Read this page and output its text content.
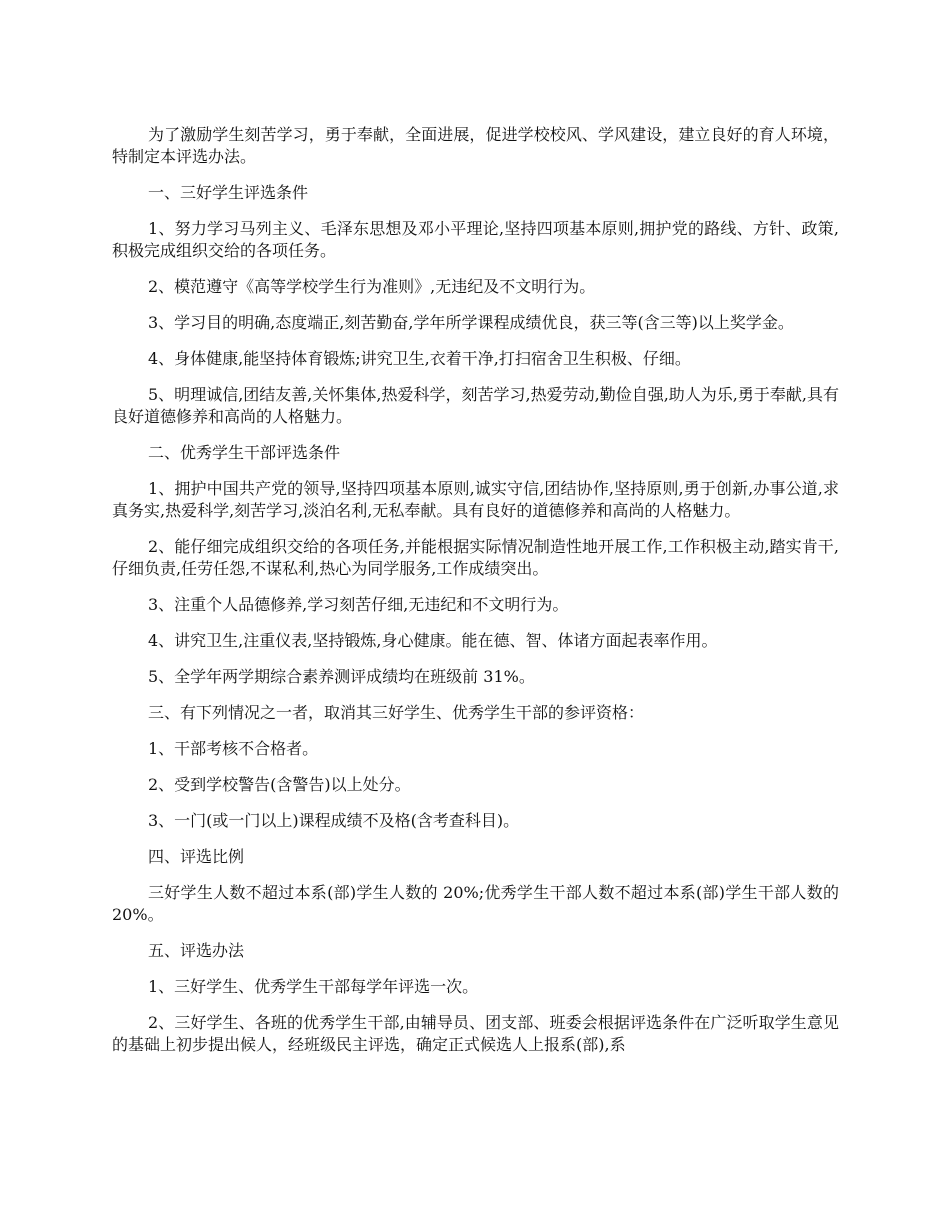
为了激励学生刻苦学习，勇于奉献，全面进展，促进学校校风、学风建设，建立良好的育人环境，特制定本评选办法。

一、三好学生评选条件

1、努力学习马列主义、毛泽东思想及邓小平理论,坚持四项基本原则,拥护党的路线、方针、政策,积极完成组织交给的各项任务。

2、模范遵守《高等学校学生行为准则》,无违纪及不文明行为。

3、学习目的明确,态度端正,刻苦勤奋,学年所学课程成绩优良，获三等(含三等)以上奖学金。

4、身体健康,能坚持体育锻炼;讲究卫生,衣着干净,打扫宿舍卫生积极、仔细。

5、明理诚信,团结友善,关怀集体,热爱科学，刻苦学习,热爱劳动,勤俭自强,助人为乐,勇于奉献,具有良好道德修养和高尚的人格魅力。

二、优秀学生干部评选条件

1、拥护中国共产党的领导,坚持四项基本原则,诚实守信,团结协作,坚持原则,勇于创新,办事公道,求真务实,热爱科学,刻苦学习,淡泊名利,无私奉献。具有良好的道德修养和高尚的人格魅力。

2、能仔细完成组织交给的各项任务,并能根据实际情况制造性地开展工作,工作积极主动,踏实肯干,仔细负责,任劳任怨,不谋私利,热心为同学服务,工作成绩突出。

3、注重个人品德修养,学习刻苦仔细,无违纪和不文明行为。

4、讲究卫生,注重仪表,坚持锻炼,身心健康。能在德、智、体诸方面起表率作用。

5、全学年两学期综合素养测评成绩均在班级前 31%。

三、有下列情况之一者，取消其三好学生、优秀学生干部的参评资格：

1、干部考核不合格者。

2、受到学校警告(含警告)以上处分。

3、一门(或一门以上)课程成绩不及格(含考查科目)。

四、评选比例

三好学生人数不超过本系(部)学生人数的 20%;优秀学生干部人数不超过本系(部)学生干部人数的 20%。

五、评选办法

1、三好学生、优秀学生干部每学年评选一次。

2、三好学生、各班的优秀学生干部,由辅导员、团支部、班委会根据评选条件在广泛听取学生意见的基础上初步提出候人，经班级民主评选，确定正式候选人上报系(部),系
